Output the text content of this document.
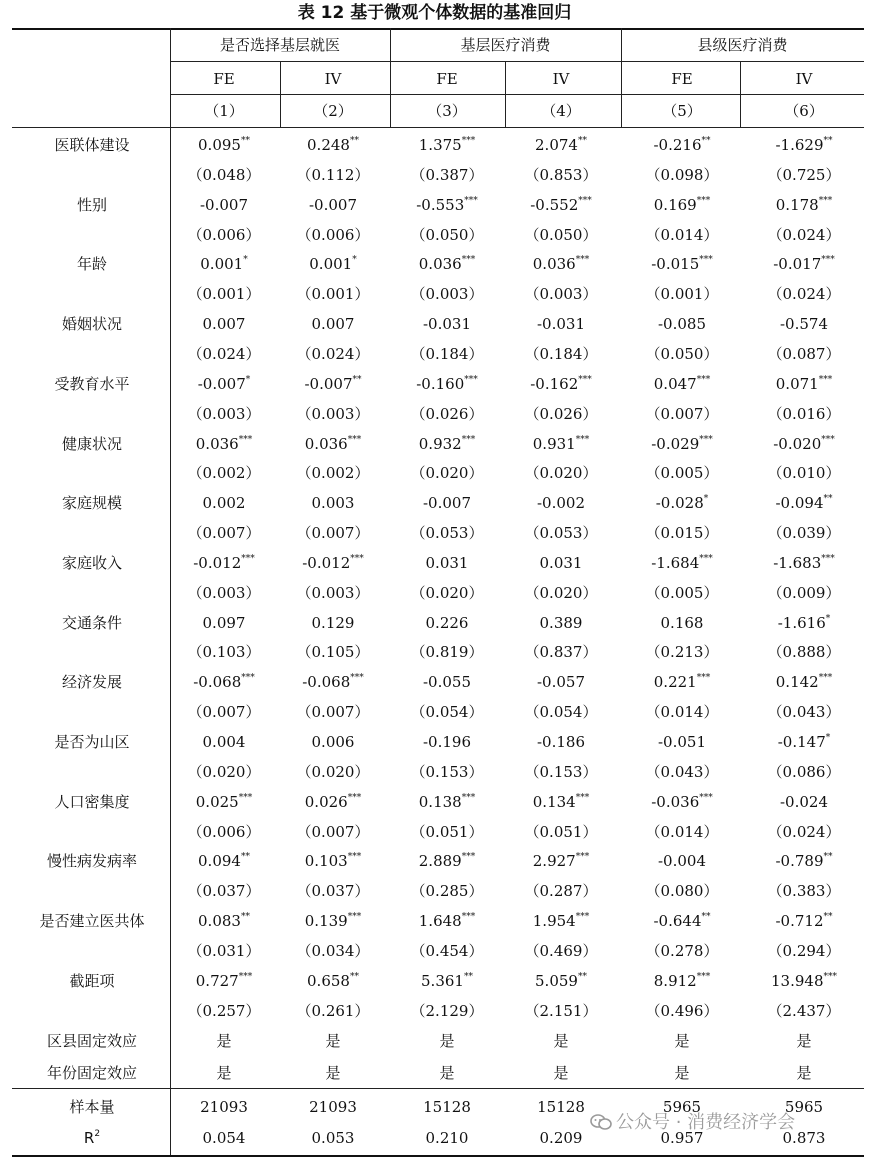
表 12 基于微观个体数据的基准回归
是否选择基层就医	基层医疗消费	县级医疗消费
FE	IV	FE	IV	FE	IV
（1）	（2）	（3）	（4）	（5）	（6）
医联体建设	0.095**	0.248**	1.375***	2.074**	-0.216**	-1.629**
（0.048）	（0.112）	（0.387）	（0.853）	（0.098）	（0.725）
性别	-0.007	-0.007	-0.553***	-0.552***	0.169***	0.178***
（0.006）	（0.006）	（0.050）	（0.050）	（0.014）	（0.024）
年龄	0.001*	0.001*	0.036***	0.036***	-0.015***	-0.017***
（0.001）	（0.001）	（0.003）	（0.003）	（0.001）	（0.024）
婚姻状况	0.007	0.007	-0.031	-0.031	-0.085	-0.574
（0.024）	（0.024）	（0.184）	（0.184）	（0.050）	（0.087）
受教育水平	-0.007*	-0.007**	-0.160***	-0.162***	0.047***	0.071***
（0.003）	（0.003）	（0.026）	（0.026）	（0.007）	（0.016）
健康状况	0.036***	0.036***	0.932***	0.931***	-0.029***	-0.020***
（0.002）	（0.002）	（0.020）	（0.020）	（0.005）	（0.010）
家庭规模	0.002	0.003	-0.007	-0.002	-0.028*	-0.094**
（0.007）	（0.007）	（0.053）	（0.053）	（0.015）	（0.039）
家庭收入	-0.012***	-0.012***	0.031	0.031	-1.684***	-1.683***
（0.003）	（0.003）	（0.020）	（0.020）	（0.005）	（0.009）
交通条件	0.097	0.129	0.226	0.389	0.168	-1.616*
（0.103）	（0.105）	（0.819）	（0.837）	（0.213）	（0.888）
经济发展	-0.068***	-0.068***	-0.055	-0.057	0.221***	0.142***
（0.007）	（0.007）	（0.054）	（0.054）	（0.014）	（0.043）
是否为山区	0.004	0.006	-0.196	-0.186	-0.051	-0.147*
（0.020）	（0.020）	（0.153）	（0.153）	（0.043）	（0.086）
人口密集度	0.025***	0.026***	0.138***	0.134***	-0.036***	-0.024
（0.006）	（0.007）	（0.051）	（0.051）	（0.014）	（0.024）
慢性病发病率	0.094**	0.103***	2.889***	2.927***	-0.004	-0.789**
（0.037）	（0.037）	（0.285）	（0.287）	（0.080）	（0.383）
是否建立医共体	0.083**	0.139***	1.648***	1.954***	-0.644**	-0.712**
（0.031）	（0.034）	（0.454）	（0.469）	（0.278）	（0.294）
截距项	0.727***	0.658**	5.361**	5.059**	8.912***	13.948***
（0.257）	（0.261）	（2.129）	（2.151）	（0.496）	（2.437）
区县固定效应	是	是	是	是	是	是
年份固定效应	是	是	是	是	是	是
样本量	21093	21093	15128	15128	5965	5965
$R^2$	0.054	0.053	0.210	0.209	0.957	0.873
公众号 · 消费经济学会
